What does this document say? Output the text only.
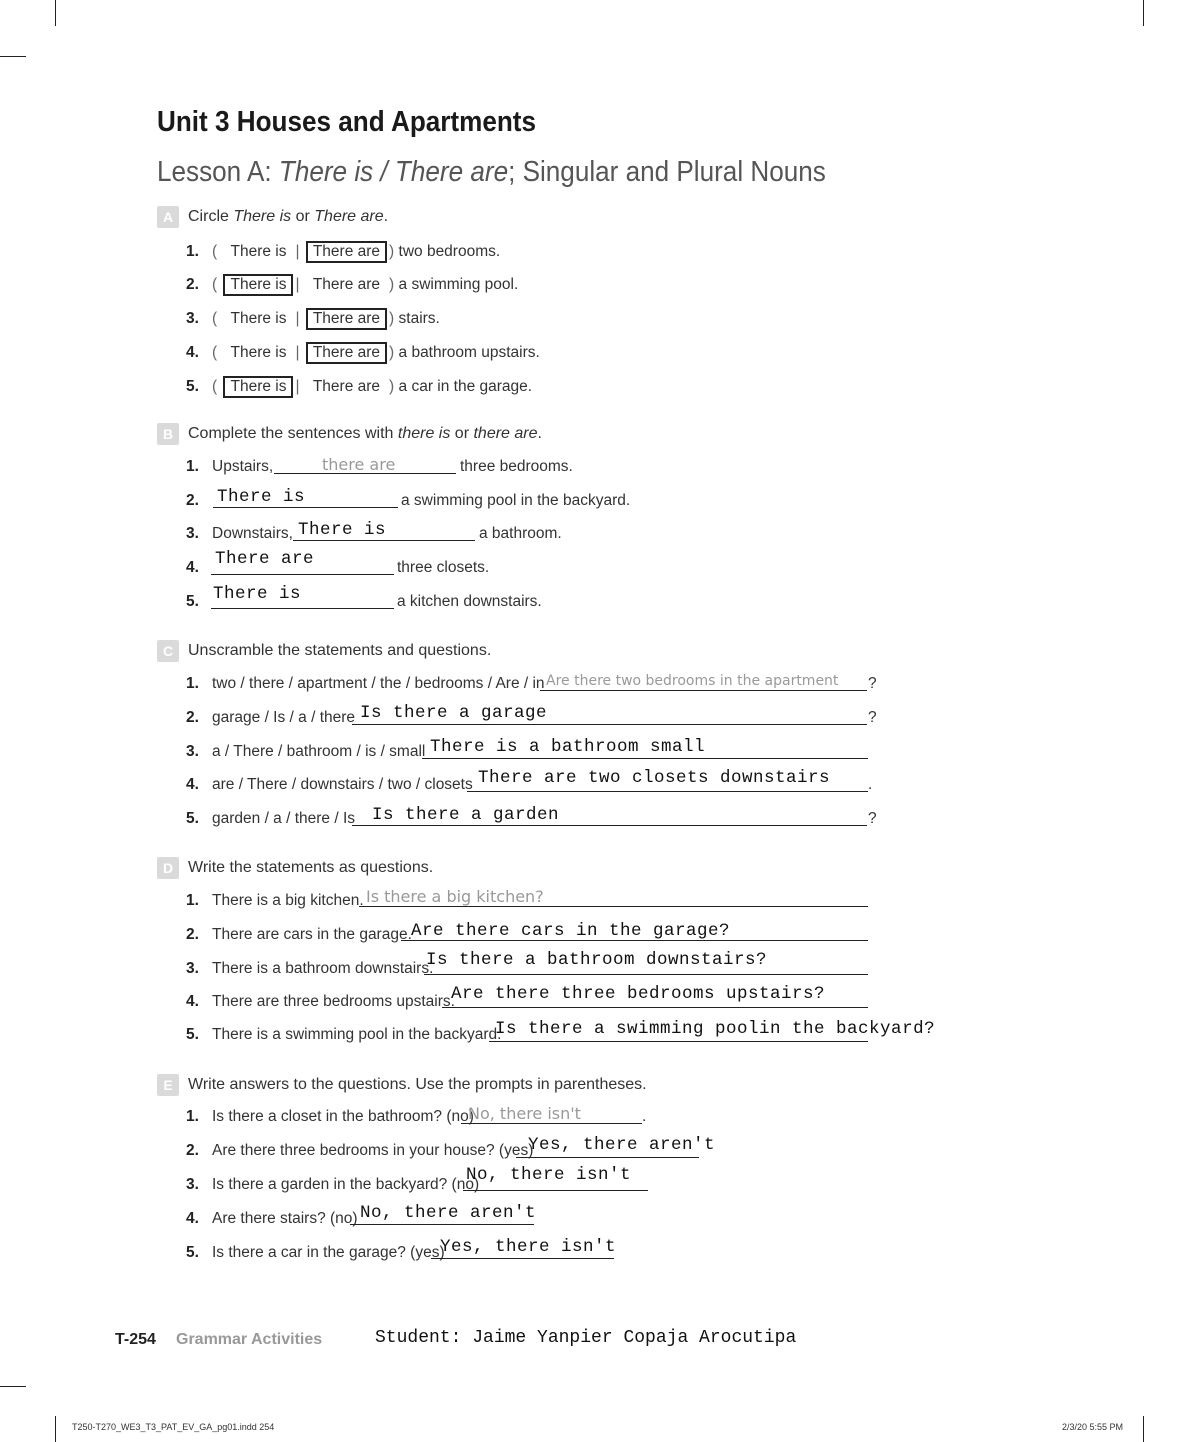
Unit 3 Houses and Apartments
Lesson A: There is / There are; Singular and Plural Nouns
A Circle There is or There are.
1. ( There is | There are ) two bedrooms.
2. ( There is | There are ) a swimming pool.
3. ( There is | There are ) stairs.
4. ( There is | There are ) a bathroom upstairs.
5. ( There is | There are ) a car in the garage.
B Complete the sentences with there is or there are.
1. Upstairs,	there are	three bedrooms.
2.	There is	a swimming pool in the backyard.
3. Downstairs, There is	a bathroom.
4. There are	three closets.
5. There is	a kitchen downstairs.
C Unscramble the statements and questions.
1. two / there / apartment / the / bedrooms / Are / in Are there two bedrooms in the apartment ?
2. garage / Is / a / there Is there a garage	?
3. a / There / bathroom / is / small There is a bathroom small
4. are / There / downstairs / two / closets There are two closets downstairs .
5. garden / a / there / Is Is there a garden	?
D Write the statements as questions.
1. There is a big kitchen. Is there a big kitchen?
2. There are cars in the garage. Are there cars in the garage?
3. There is a bathroom downstairs.
Is there a bathroom downstairs?
4. There are three bedrooms upstairs.
Are there three bedrooms upstairs?
5. There is a swimming pool in the backyard.
Is there a swimming poolin the backyard?
E Write answers to the questions. Use the prompts in parentheses.
1. Is there a closet in the bathroom? (no)
No, there isn't	.
2. Are there three bedrooms in your house? (yes)
Yes, there aren't
3. Is there a garden in the backyard? (no)
No, there isn't
4. Are there stairs? (no) No, there aren't
5. Is there a car in the garage? (yes)
Yes, there isn't
T-254 Grammar Activities	Student: Jaime Yanpier Copaja Arocutipa
T250-T270_WE3_T3_PAT_EV_GA_pg01.indd 254	2/3/20 5:55 PM
